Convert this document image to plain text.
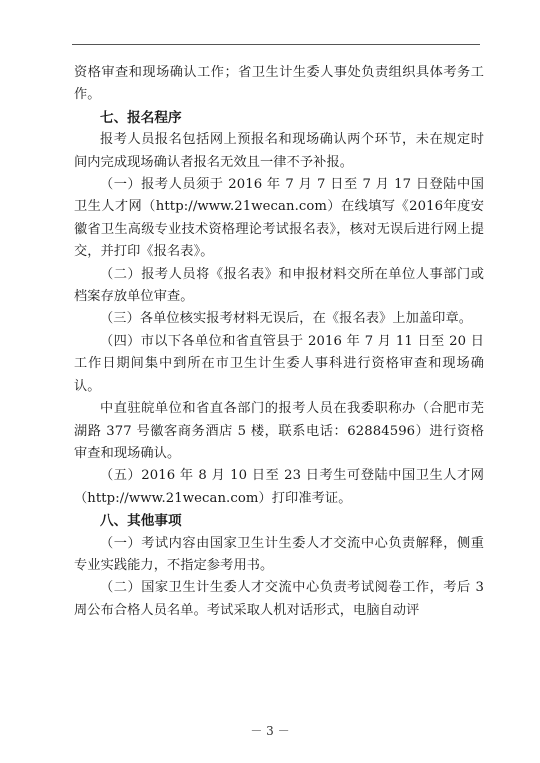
资格审查和现场确认工作；省卫生计生委人事处负责组织具体考务工作。

七、报名程序

报考人员报名包括网上预报名和现场确认两个环节，未在规定时间内完成现场确认者报名无效且一律不予补报。

（一）报考人员须于 2016 年 7 月 7 日至 7 月 17 日登陆中国卫生人才网（http://www.21wecan.com）在线填写《2016年度安徽省卫生高级专业技术资格理论考试报名表》，核对无误后进行网上提交，并打印《报名表》。

（二）报考人员将《报名表》和申报材料交所在单位人事部门或档案存放单位审查。

（三）各单位核实报考材料无误后，在《报名表》上加盖印章。

（四）市以下各单位和省直管县于 2016 年 7 月 11 日至 20 日工作日期间集中到所在市卫生计生委人事科进行资格审查和现场确认。

中直驻皖单位和省直各部门的报考人员在我委职称办（合肥市芜湖路 377 号徽客商务酒店 5 楼，联系电话：62884596）进行资格审查和现场确认。

（五）2016 年 8 月 10 日至 23 日考生可登陆中国卫生人才网（http://www.21wecan.com）打印准考证。

八、其他事项

（一）考试内容由国家卫生计生委人才交流中心负责解释，侧重专业实践能力，不指定参考用书。

（二）国家卫生计生委人才交流中心负责考试阅卷工作，考后 3 周公布合格人员名单。考试采取人机对话形式，电脑自动评

－ 3 －
